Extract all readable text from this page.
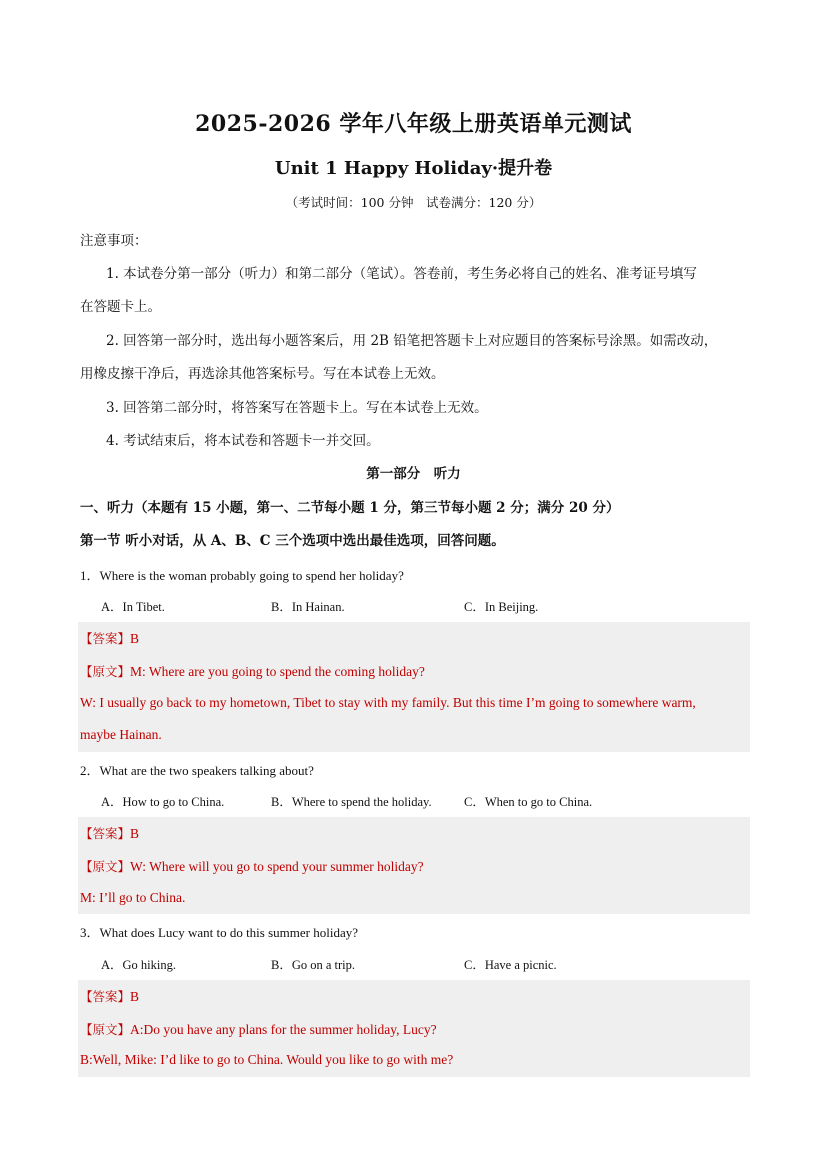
2025-2026 学年八年级上册英语单元测试
Unit 1 Happy Holiday·提升卷
（考试时间：100 分钟　试卷满分：120 分）
注意事项：
1. 本试卷分第一部分（听力）和第二部分（笔试）。答卷前，考生务必将自己的姓名、准考证号填写
在答题卡上。
2. 回答第一部分时，选出每小题答案后，用 2B 铅笔把答题卡上对应题目的答案标号涂黑。如需改动，
用橡皮擦干净后，再选涂其他答案标号。写在本试卷上无效。
3. 回答第二部分时，将答案写在答题卡上。写在本试卷上无效。
4. 考试结束后，将本试卷和答题卡一并交回。
第一部分　听力
一、听力（本题有 15 小题，第一、二节每小题 1 分，第三节每小题 2 分；满分 20 分）
第一节 听小对话，从 A、B、C 三个选项中选出最佳选项，回答问题。
1．Where is the woman probably going to spend her holiday?
A．In Tibet.	B．In Hainan.	C．In Beijing.
【答案】B
【原文】M: Where are you going to spend the coming holiday?
W: I usually go back to my hometown, Tibet to stay with my family. But this time I’m going to somewhere warm,
maybe Hainan.
2．What are the two speakers talking about?
A．How to go to China.	B．Where to spend the holiday.	C．When to go to China.
【答案】B
【原文】W: Where will you go to spend your summer holiday?
M: I’ll go to China.
3．What does Lucy want to do this summer holiday?
A．Go hiking.	B．Go on a trip.	C．Have a picnic.
【答案】B
【原文】A:Do you have any plans for the summer holiday, Lucy?
B:Well, Mike: I’d like to go to China. Would you like to go with me?
